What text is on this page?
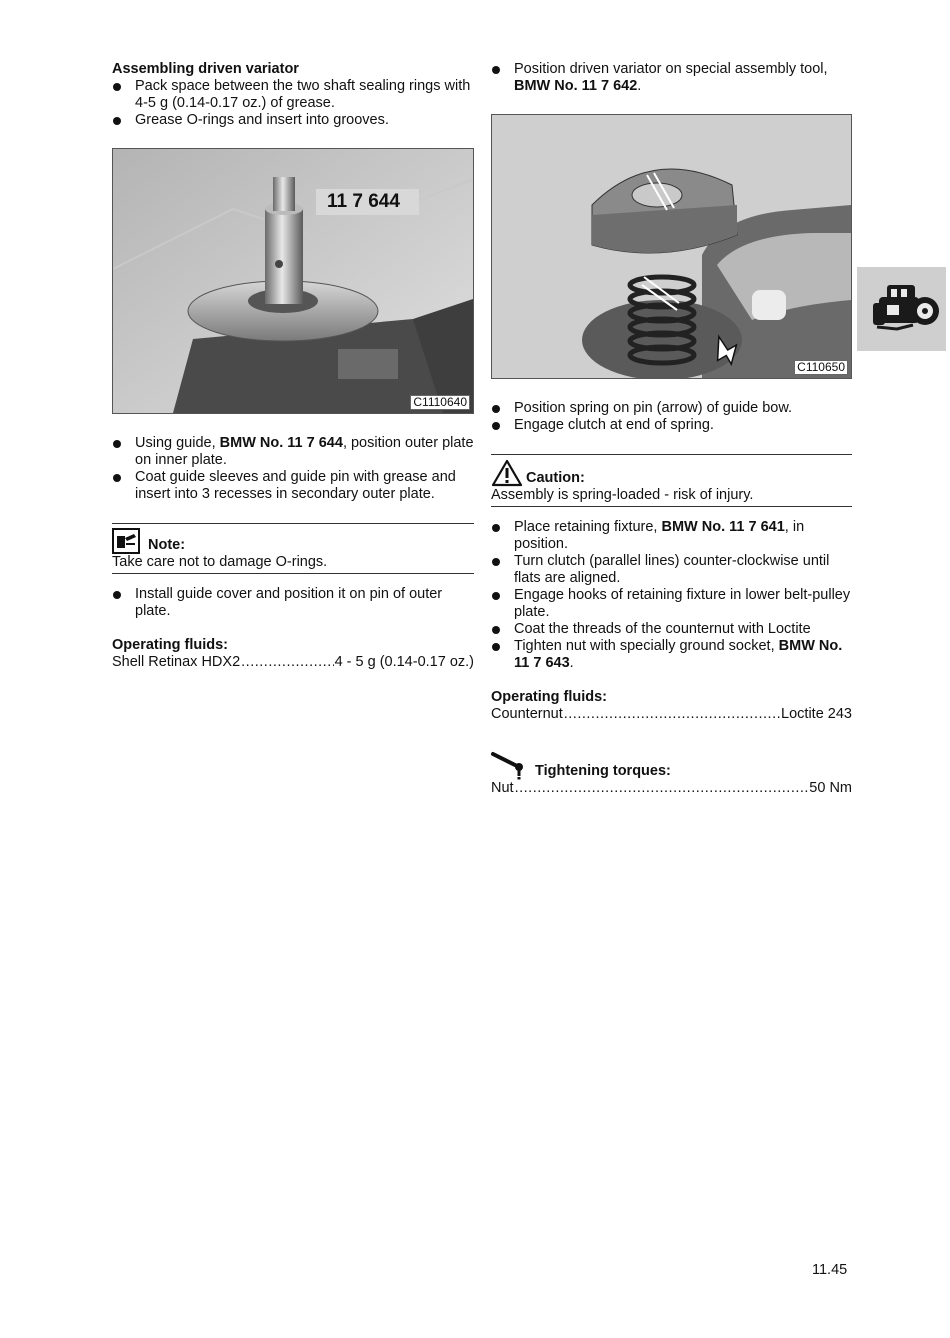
Assembling driven variator
Pack space between the two shaft sealing rings with 4-5 g (0.14-0.17 oz.) of grease.
Grease O-rings and insert into grooves.
11 7 644
C1110640
Using guide, BMW No. 11 7 644, position outer plate on inner plate.
Coat guide sleeves and guide pin with grease and insert into 3 recesses in secondary outer plate.
Note:
Take care not to damage O-rings.
Install guide cover and position it on pin of outer plate.
Operating fluids:
Shell Retinax HDX2 .....	4 - 5 g (0.14-0.17 oz.)
Position driven variator on special assembly tool, BMW No. 11 7 642.
C110650
Position spring on pin (arrow) of guide bow.
Engage clutch at end of spring.
Caution:
Assembly is spring-loaded - risk of injury.
Place retaining fixture, BMW No. 11 7 641, in position.
Turn clutch (parallel lines) counter-clockwise until flats are aligned.
Engage hooks of retaining fixture in lower belt-pulley plate.
Coat the threads of the counternut with Loctite
Tighten nut with specially ground socket, BMW No. 11 7 643.
Operating fluids:
Counternut .....	Loctite 243
Tightening torques:
Nut .....	50 Nm
11.45
